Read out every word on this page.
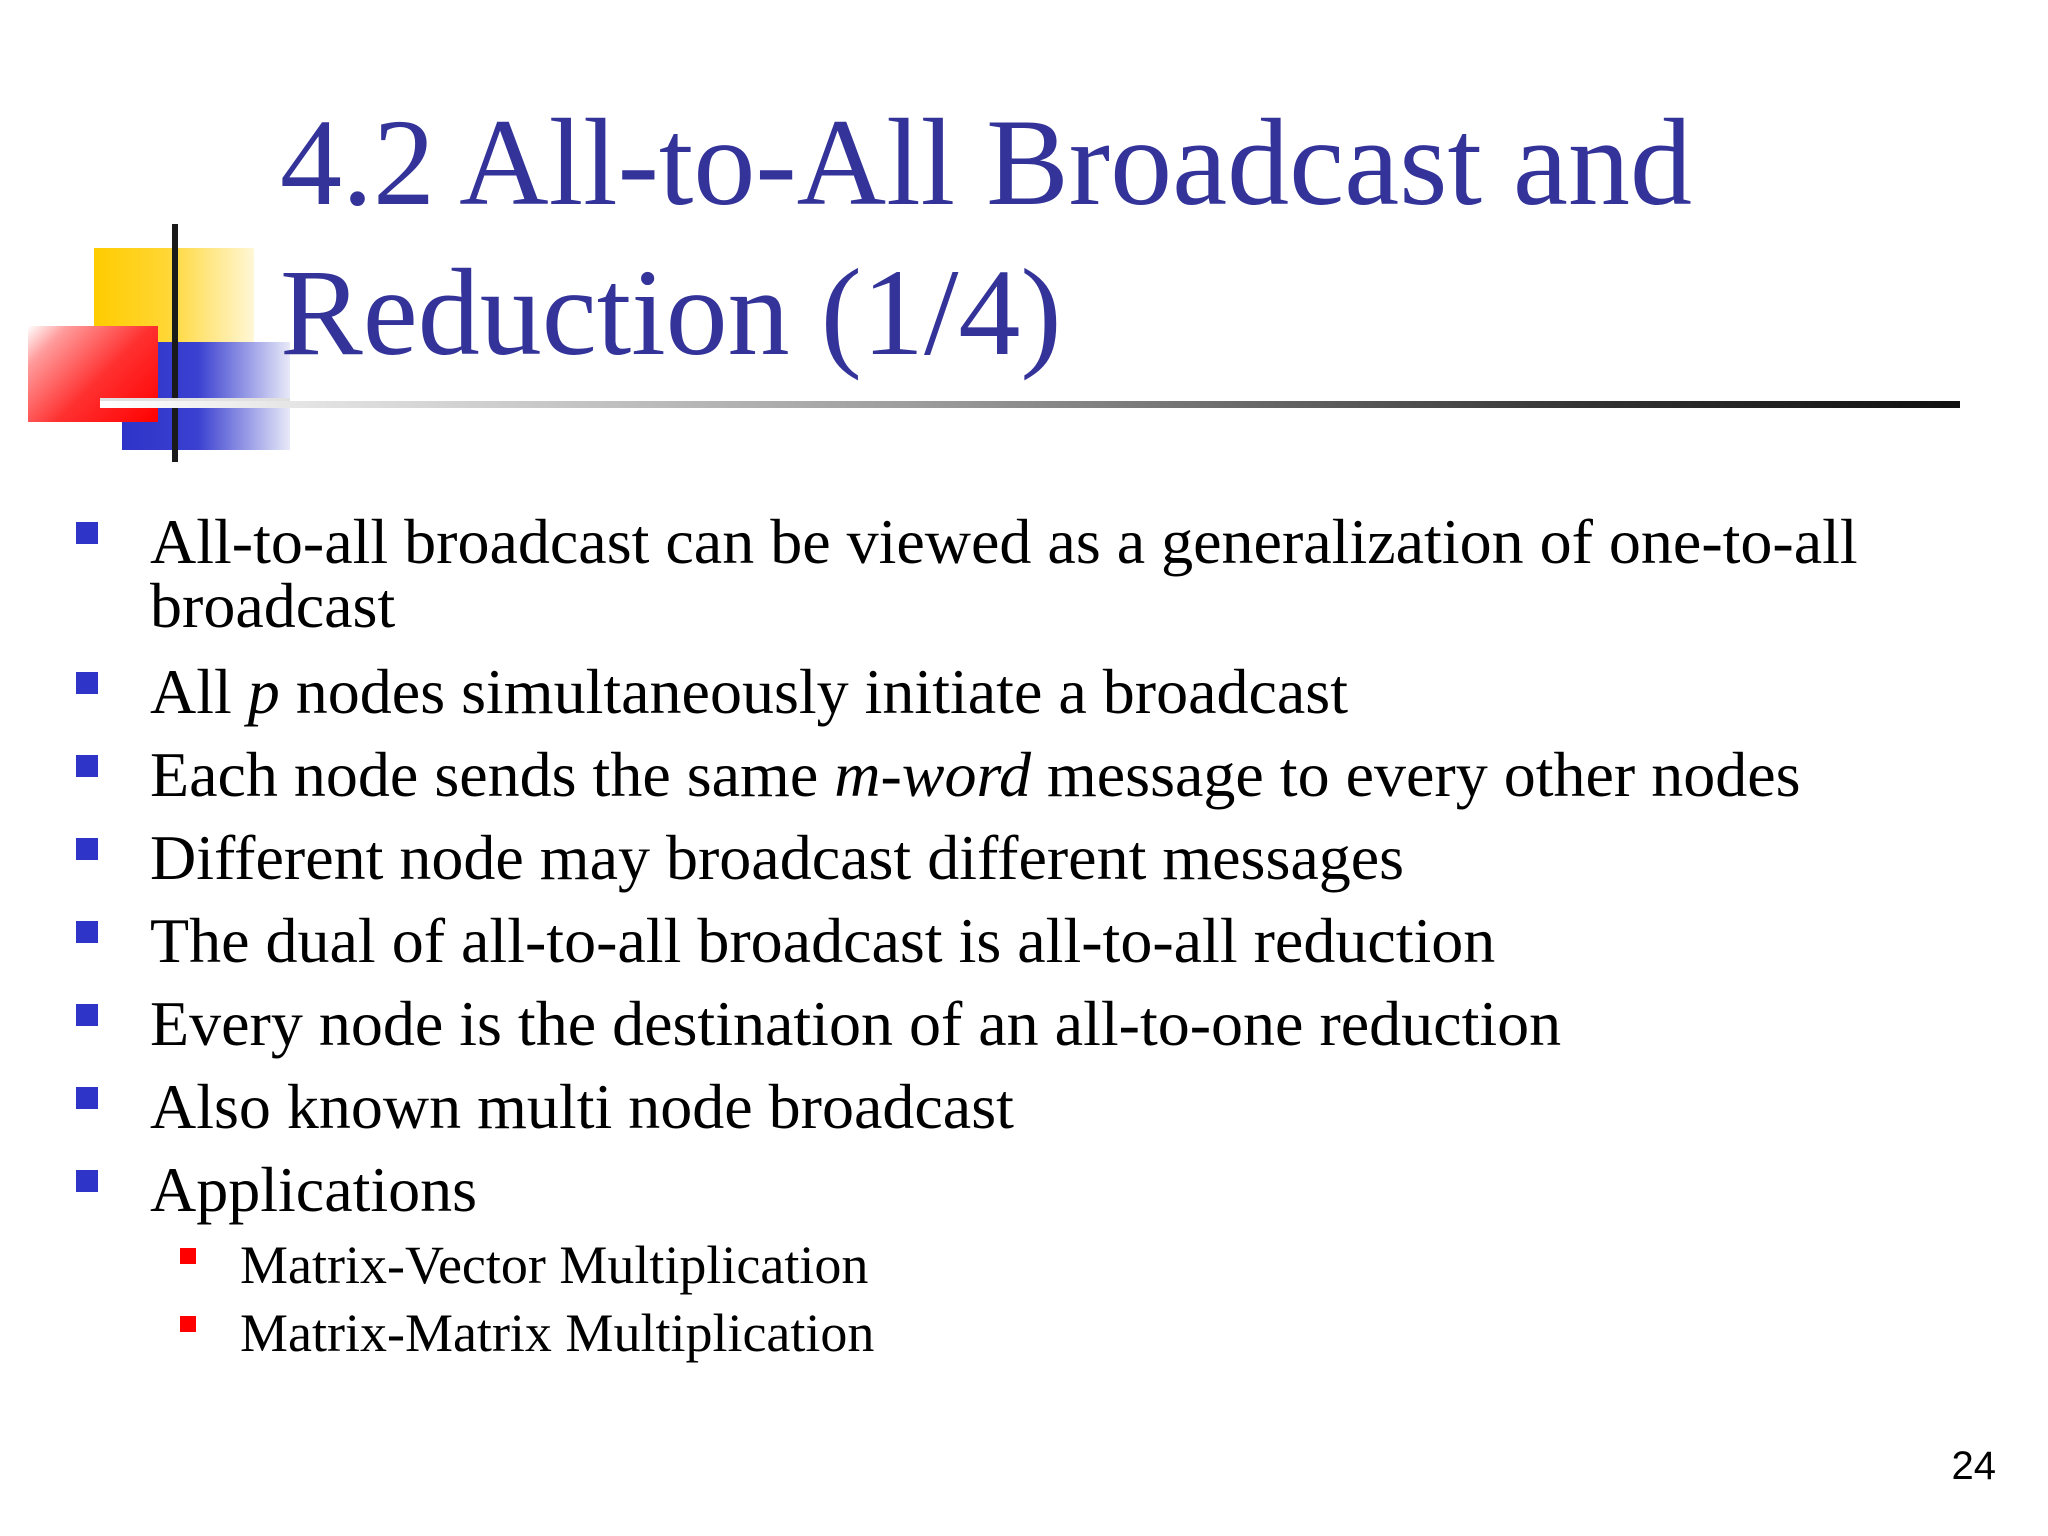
4.2 All-to-All Broadcast and
Reduction (1/4)
All-to-all broadcast can be viewed as a generalization of one-to-all
broadcast
All p nodes simultaneously initiate a broadcast
Each node sends the same m-word message to every other nodes
Different node may broadcast different messages
The dual of all-to-all broadcast is all-to-all reduction
Every node is the destination of an all-to-one reduction
Also known multi node broadcast
Applications
Matrix-Vector Multiplication
Matrix-Matrix Multiplication
24
